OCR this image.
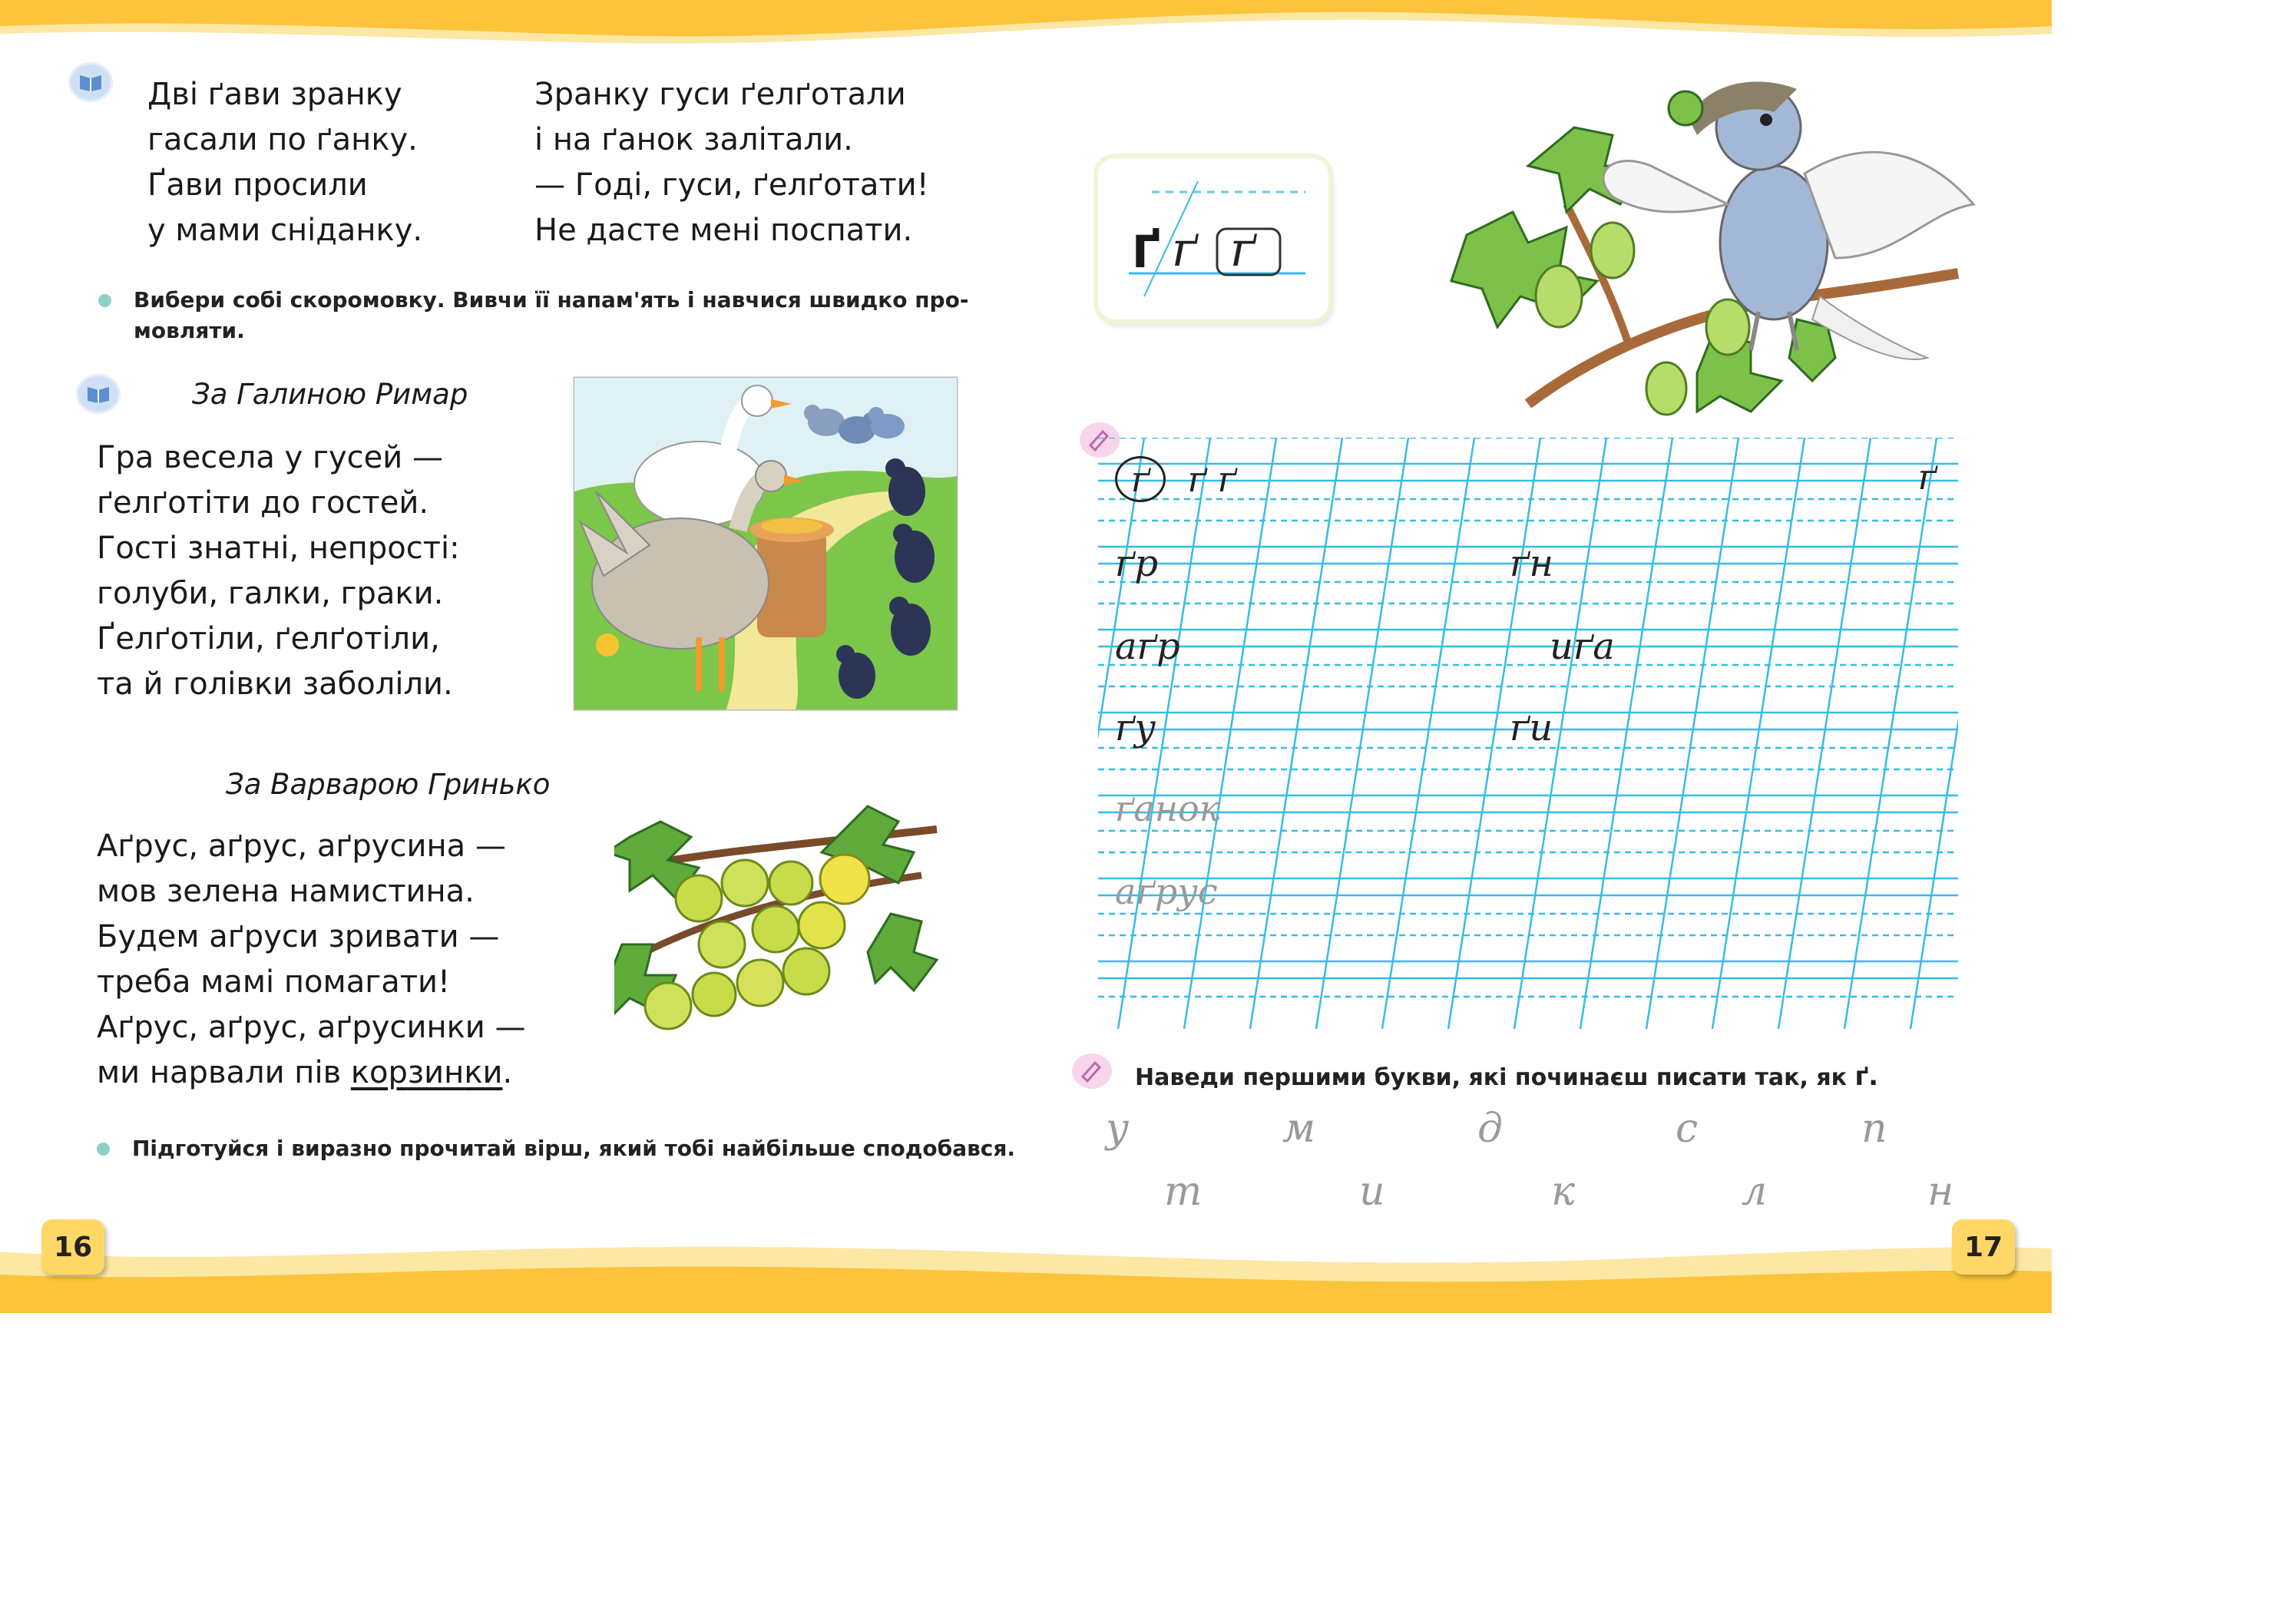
Дві ґави зранку
гасали по ґанку.
Ґави просили
у мами сніданку.
Зранку гуси ґелґотали
і на ґанок залітали.
— Годі, гуси, ґелґотати!
Не дасте мені поспати.
Вибери собі скоромовку. Вивчи її напам'ять і навчися швидко про-
мовляти.
За Галиною Римар
Гра весела у гусей —
ґелґотіти до гостей.
Гості знатні, непрості:
голуби, галки, граки.
Ґелґотіли, ґелґотіли,
та й голівки заболіли.
За Варварою Гринько
Аґрус, аґрус, аґрусина —
мов зелена намистина.
Будем аґруси зривати —
треба мамі помагати!
Аґрус, аґрус, аґрусинки —
ми нарвали пів корзинки.
Підготуйся і виразно прочитай вірш, який тобі найбільше сподобався.
16
Ґ ґ ґ
ґ ґ ґ	ґ
ґр	ґн
аґр	иґа
ґу	ґи
ґанок
аґрус
Наведи першими букви, які починаєш писати так, як ґ.
у	м	д	с	п
т	и	к	л	н
17
